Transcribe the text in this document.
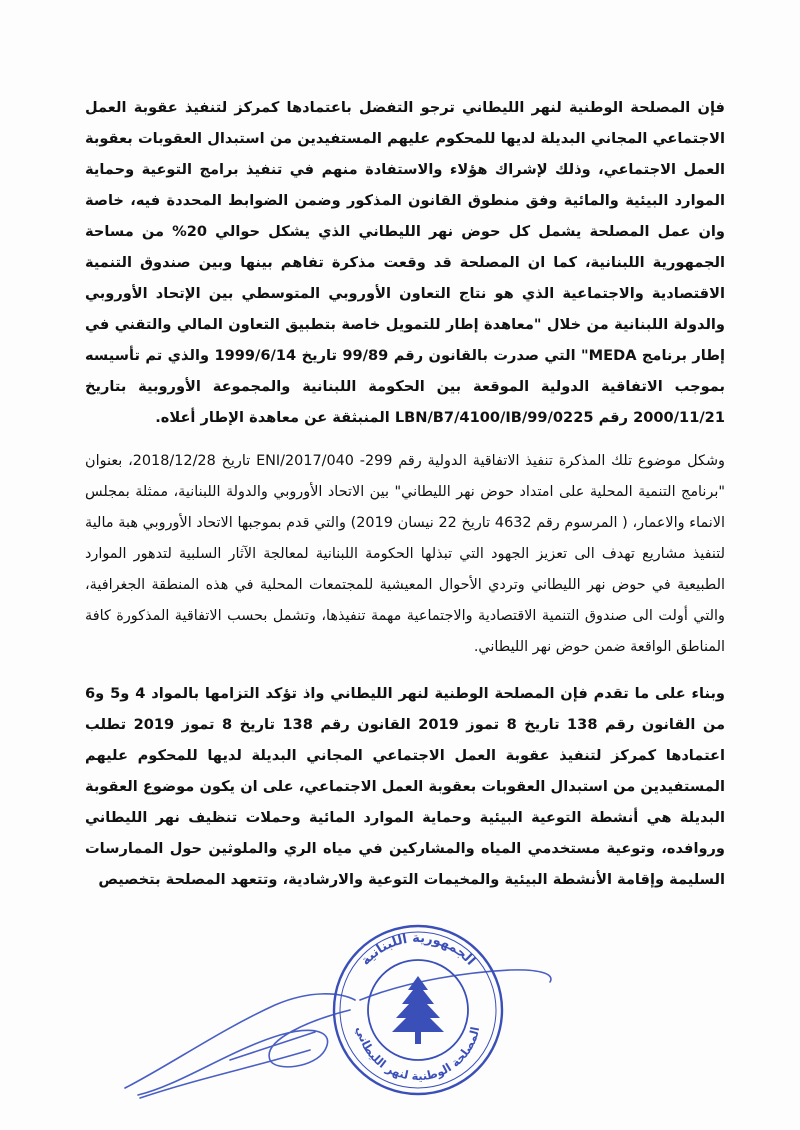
فإن المصلحة الوطنية لنهر الليطاني ترجو التفضل باعتمادها كمركز لتنفيذ عقوبة العمل الاجتماعي المجاني البديلة لديها للمحكوم عليهم المستفيدين من استبدال العقوبات بعقوبة العمل الاجتماعي، وذلك لإشراك هؤلاء والاستفادة منهم في تنفيذ برامج التوعية وحماية الموارد البيئية والمائية وفق منطوق القانون المذكور وضمن الضوابط المحددة فيه، خاصة وان عمل المصلحة يشمل كل حوض نهر الليطاني الذي يشكل حوالي 20% من مساحة الجمهورية اللبنانية، كما ان المصلحة قد وقعت مذكرة تفاهم بينها وبين صندوق التنمية الاقتصادية والاجتماعية الذي هو نتاج التعاون الأوروبي المتوسطي بين الإتحاد الأوروبي والدولة اللبنانية من خلال "معاهدة إطار للتمويل خاصة بتطبيق التعاون المالي والتقني في إطار برنامج MEDA" التي صدرت بالقانون رقم 99/89 تاريخ 1999/6/14 والذي تم تأسيسه بموجب الاتفاقية الدولية الموقعة بين الحكومة اللبنانية والمجموعة الأوروبية بتاريخ 2000/11/21 رقم LBN/B7/4100/IB/99/0225 المنبثقة عن معاهدة الإطار أعلاه.

وشكل موضوع تلك المذكرة تنفيذ الاتفاقية الدولية رقم 299- ENI/2017/040 تاريخ 2018/12/28، بعنوان "برنامج التنمية المحلية على امتداد حوض نهر الليطاني" بين الاتحاد الأوروبي والدولة اللبنانية، ممثلة بمجلس الانماء والاعمار، ( المرسوم رقم 4632 تاريخ 22 نيسان 2019) والتي قدم بموجبها الاتحاد الأوروبي هبة مالية لتنفيذ مشاريع تهدف الى تعزيز الجهود التي تبذلها الحكومة اللبنانية لمعالجة الآثار السلبية لتدهور الموارد الطبيعية في حوض نهر الليطاني وتردي الأحوال المعيشية للمجتمعات المحلية في هذه المنطقة الجغرافية، والتي أولت الى صندوق التنمية الاقتصادية والاجتماعية مهمة تنفيذها، وتشمل بحسب الاتفاقية المذكورة كافة المناطق الواقعة ضمن حوض نهر الليطاني.

وبناء على ما تقدم فإن المصلحة الوطنية لنهر الليطاني واذ تؤكد التزامها بالمواد 4 و5 و6 من القانون رقم 138 تاريخ 8 تموز 2019 القانون رقم 138 تاريخ 8 تموز 2019 تطلب اعتمادها كمركز لتنفيذ عقوبة العمل الاجتماعي المجاني البديلة لديها للمحكوم عليهم المستفيدين من استبدال العقوبات بعقوبة العمل الاجتماعي، على ان يكون موضوع العقوبة البديلة هي أنشطة التوعية البيئية وحماية الموارد المائية وحملات تنظيف نهر الليطاني وروافده، وتوعية مستخدمي المياه والمشاركين في مياه الري والملوثين حول الممارسات السليمة وإقامة الأنشطة البيئية والمخيمات التوعية والارشادية، وتتعهد المصلحة بتخصيص

الجمهورية اللبنانية
المصلحة الوطنية لنهر الليطاني
